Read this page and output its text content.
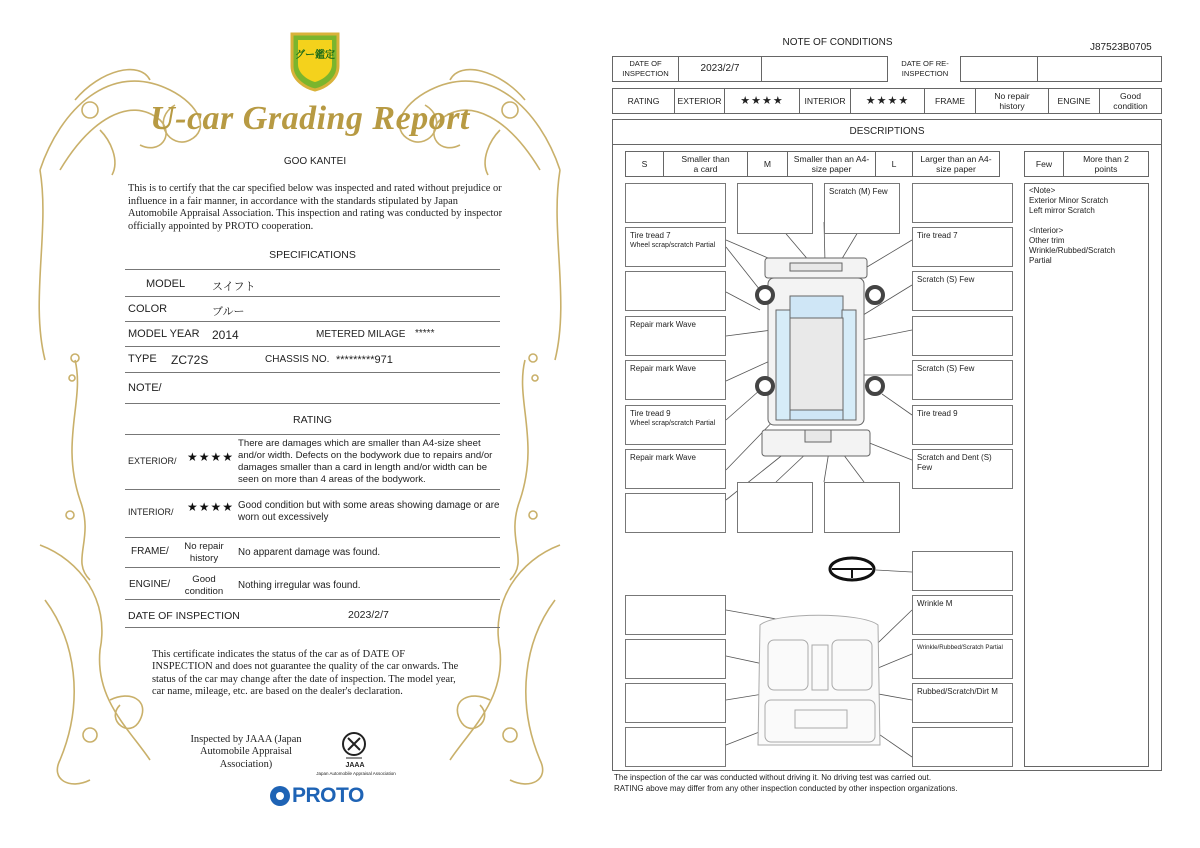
グー鑑定
U-car Grading Report
GOO KANTEI
This is to certify that the car specified below was inspected and rated without prejudice or influence in a fair manner, in accordance with the standards stipulated by Japan Automobile Appraisal Association. This inspection and rating was conducted by inspector officially appointed by PROTO cooperation.
SPECIFICATIONS
MODEL スイフト
COLOR	ブルー
MODEL YEAR 2014	METERED MILAGE *****
TYPE ZC72S	CHASSIS NO. *********971
NOTE/
RATING
EXTERIOR/ ★★★★
There are damages which are smaller than A4-size sheet and/or width. Defects on the bodywork due to repairs and/or damages smaller than a card in length and/or width can be seen on more than 4 areas of the bodywork.
INTERIOR/ ★★★★ Good condition but with some areas showing damage or are worn out excessively
FRAME/	No repair history
No apparent damage was found.
ENGINE/	Good condition
Nothing irregular was found.
DATE OF INSPECTION	2023/2/7
This certificate indicates the status of the car as of DATE OF INSPECTION and does not guarantee the quality of the car onwards. The status of the car may change after the date of inspection. The model year, car name, mileage, etc. are based on the dealer's declaration.
Inspected by JAAA (Japan Automobile Appraisal Association)	JAAA
Japan Automobile Appraisal Association
PROTO
NOTE OF CONDITIONS	J87523B0705
DATE OF INSPECTION	2023/2/7	DATE OF RE-INSPECTION
RATING	EXTERIOR	★★★★	INTERIOR	★★★★	FRAME	No repair history	ENGINE	Good condition
DESCRIPTIONS
S	Smaller than a card	M	Smaller than an A4-size paper	L	Larger than an A4-size paper	Few	More than 2 points
<Note>
Exterior Minor Scratch
Left mirror Scratch
<Interior>
Other trim
Wrinkle/Rubbed/Scratch
Partial
Tire tread 7
Wheel scrap/scratch Partial
Repair mark Wave
Repair mark Wave
Tire tread 9
Wheel scrap/scratch Partial
Repair mark Wave
Scratch (M) Few
Tire tread 7
Scratch (S) Few
Scratch (S) Few
Tire tread 9
Scratch and Dent (S) Few
Wrinkle M
Wrinkle/Rubbed/Scratch Partial
Rubbed/Scratch/Dirt M
The inspection of the car was conducted without driving it. No driving test was carried out.
RATING above may differ from any other inspection conducted by other inspection organizations.
